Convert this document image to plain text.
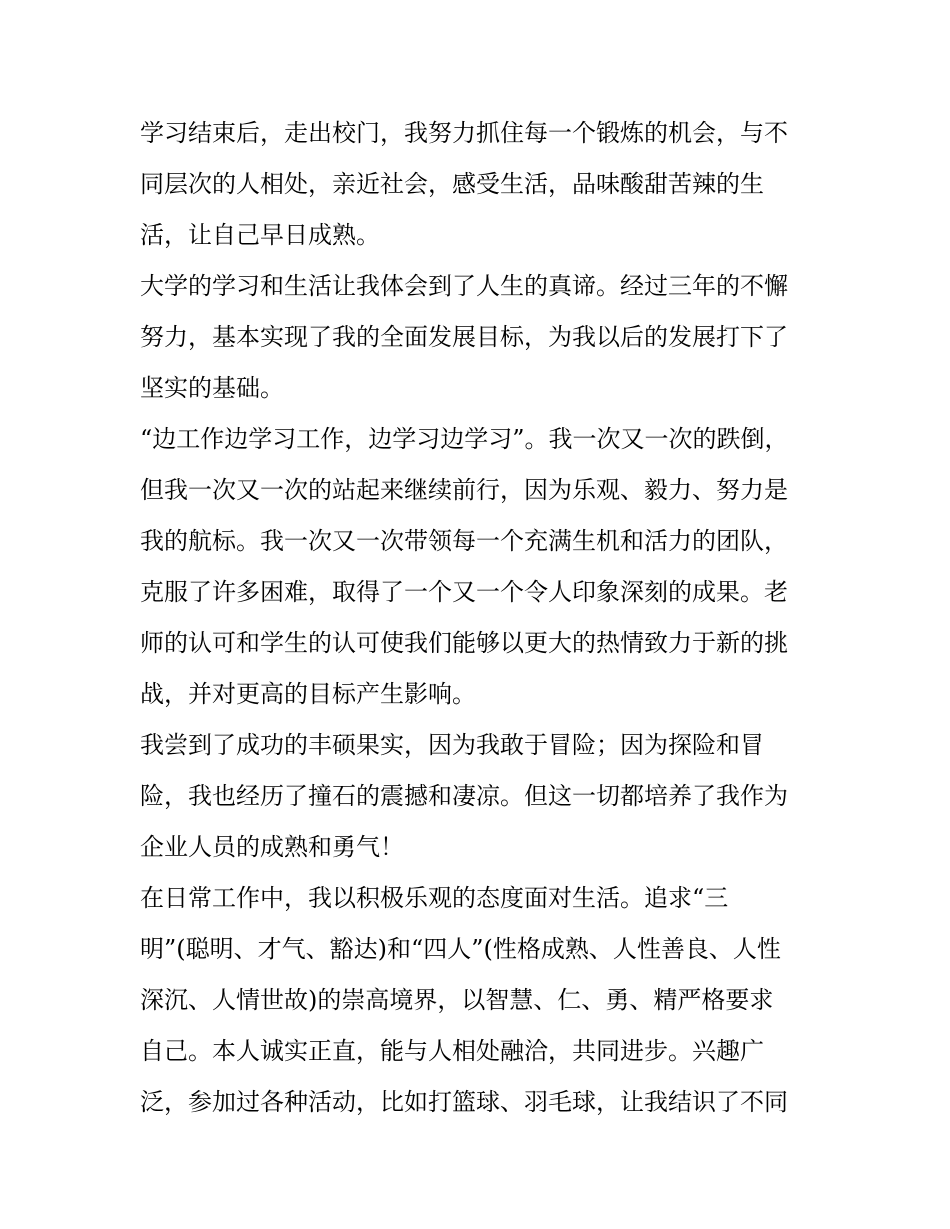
学习结束后，走出校门，我努力抓住每一个锻炼的机会，与不
同层次的人相处，亲近社会，感受生活，品味酸甜苦辣的生
活，让自己早日成熟。
大学的学习和生活让我体会到了人生的真谛。经过三年的不懈
努力，基本实现了我的全面发展目标，为我以后的发展打下了
坚实的基础。
“边工作边学习工作，边学习边学习”。我一次又一次的跌倒，
但我一次又一次的站起来继续前行，因为乐观、毅力、努力是
我的航标。我一次又一次带领每一个充满生机和活力的团队，
克服了许多困难，取得了一个又一个令人印象深刻的成果。老
师的认可和学生的认可使我们能够以更大的热情致力于新的挑
战，并对更高的目标产生影响。
我尝到了成功的丰硕果实，因为我敢于冒险；因为探险和冒
险，我也经历了撞石的震撼和凄凉。但这一切都培养了我作为
企业人员的成熟和勇气！
在日常工作中，我以积极乐观的态度面对生活。追求“三
明”(聪明、才气、豁达)和“四人”(性格成熟、人性善良、人性
深沉、人情世故)的崇高境界，以智慧、仁、勇、精严格要求
自己。本人诚实正直，能与人相处融洽，共同进步。兴趣广
泛，参加过各种活动，比如打篮球、羽毛球，让我结识了不同
